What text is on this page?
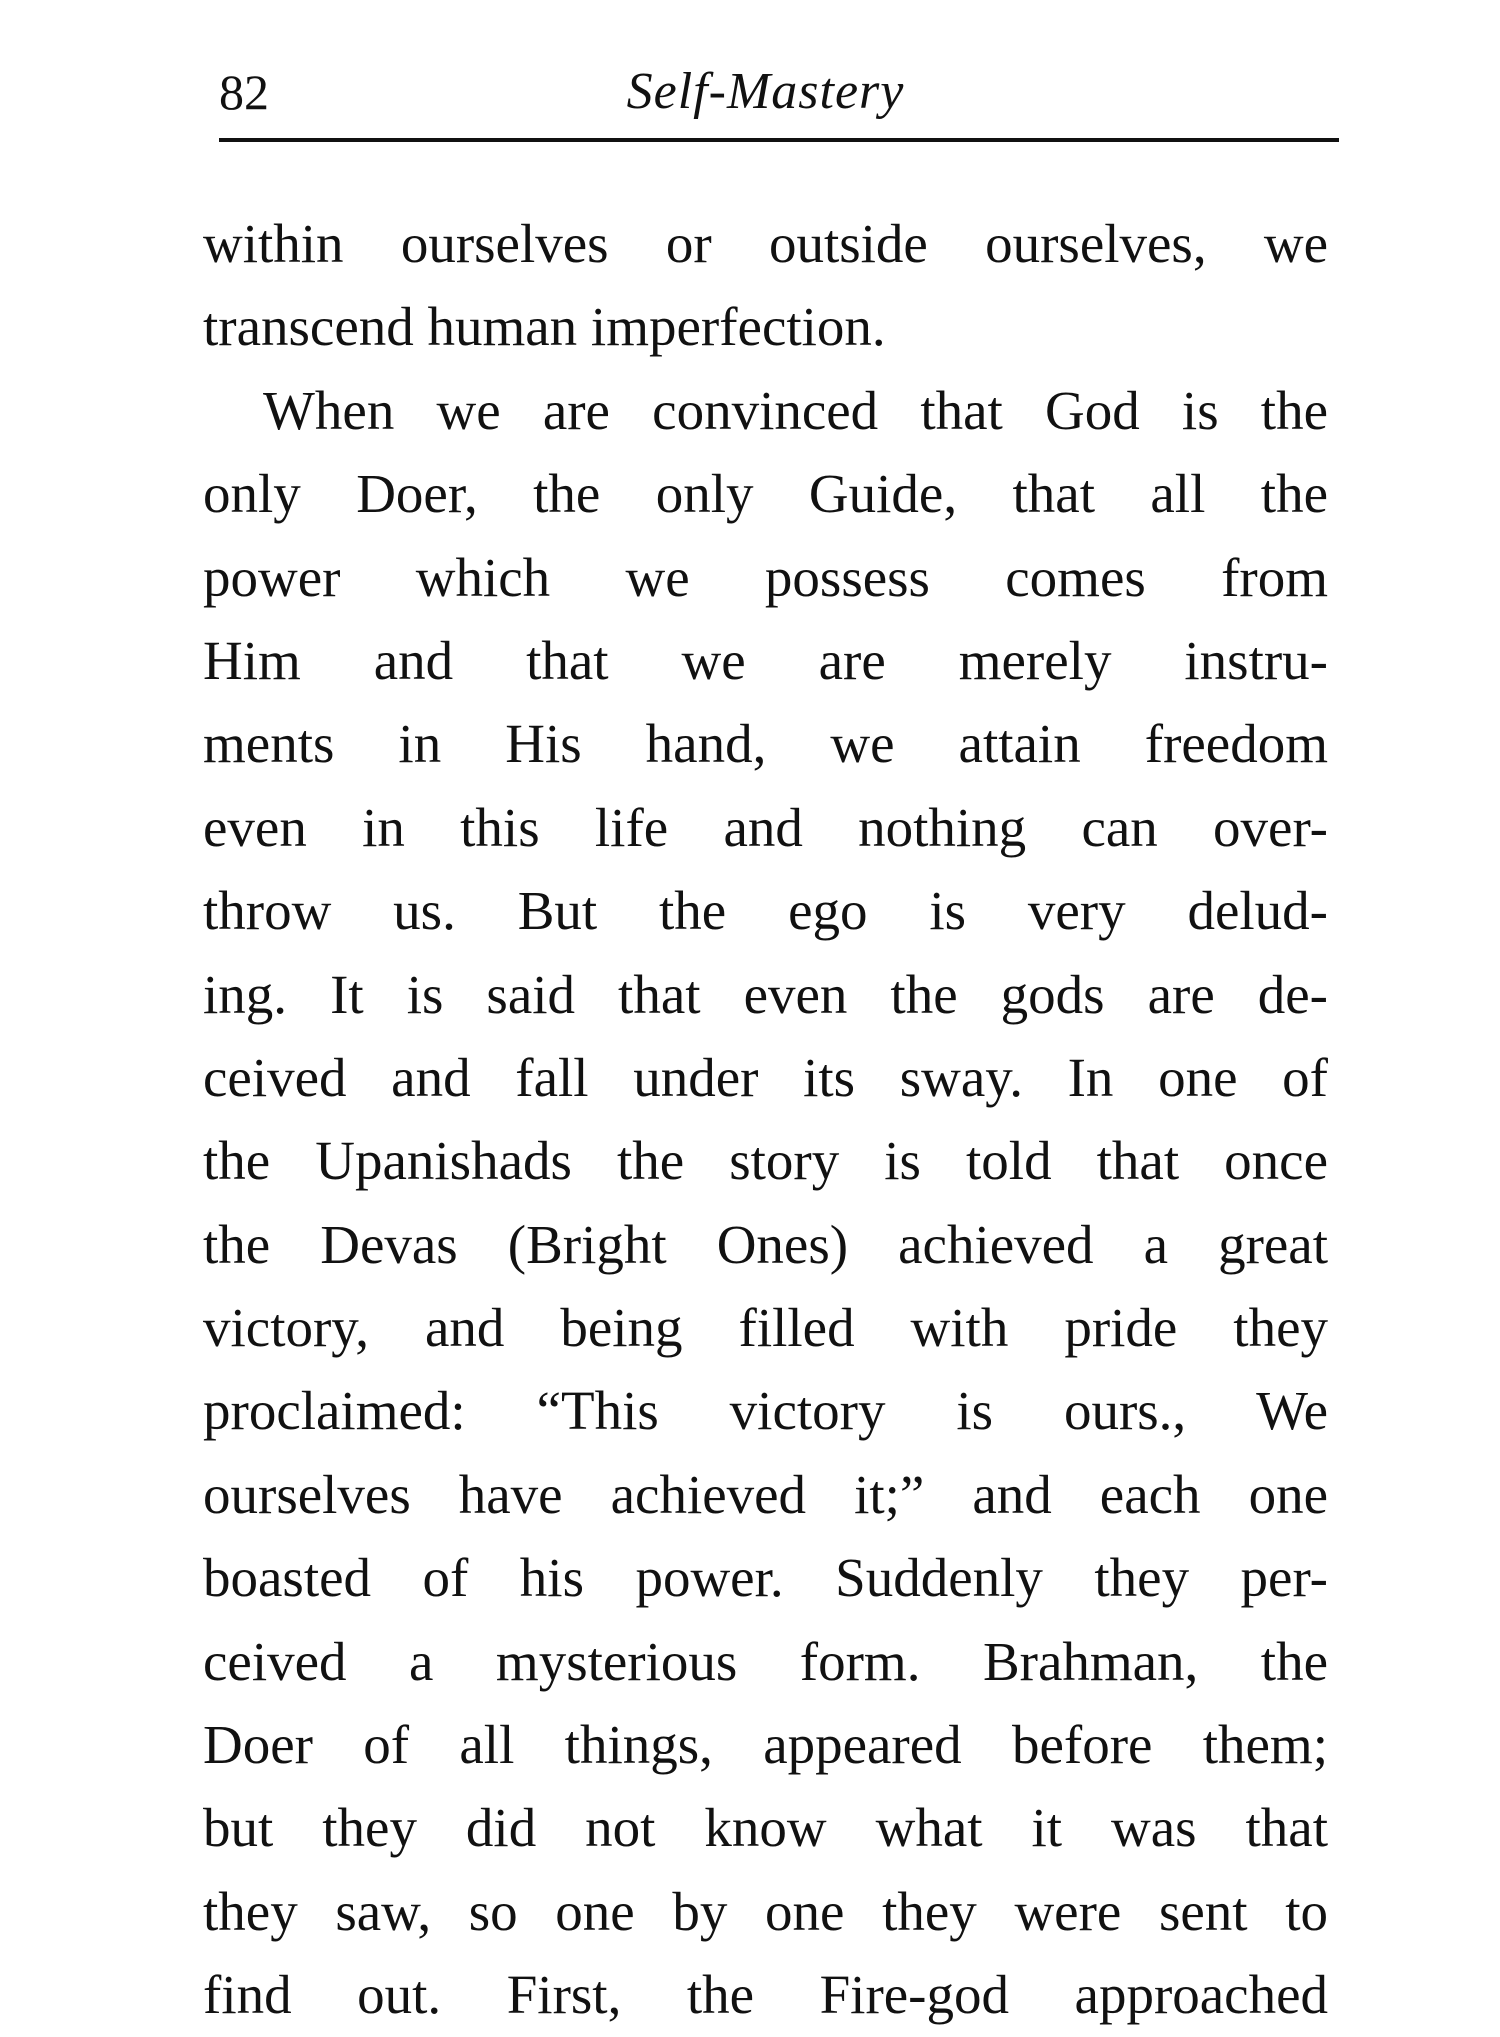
82	Self-Mastery
within ourselves or outside ourselves, we
transcend human imperfection.
When we are convinced that God is the
only Doer, the only Guide, that all the
power which we possess comes from
Him and that we are merely instru-
ments in His hand, we attain freedom
even in this life and nothing can over-
throw us. But the ego is very delud-
ing. It is said that even the gods are de-
ceived and fall under its sway. In one of
the Upanishads the story is told that once
the Devas (Bright Ones) achieved a great
victory, and being filled with pride they
proclaimed: “This victory is ours., We
ourselves have achieved it;” and each one
boasted of his power. Suddenly they per-
ceived a mysterious form. Brahman, the
Doer of all things, appeared before them;
but they did not know what it was that
they saw, so one by one they were sent to
find out. First, the Fire-god approached
